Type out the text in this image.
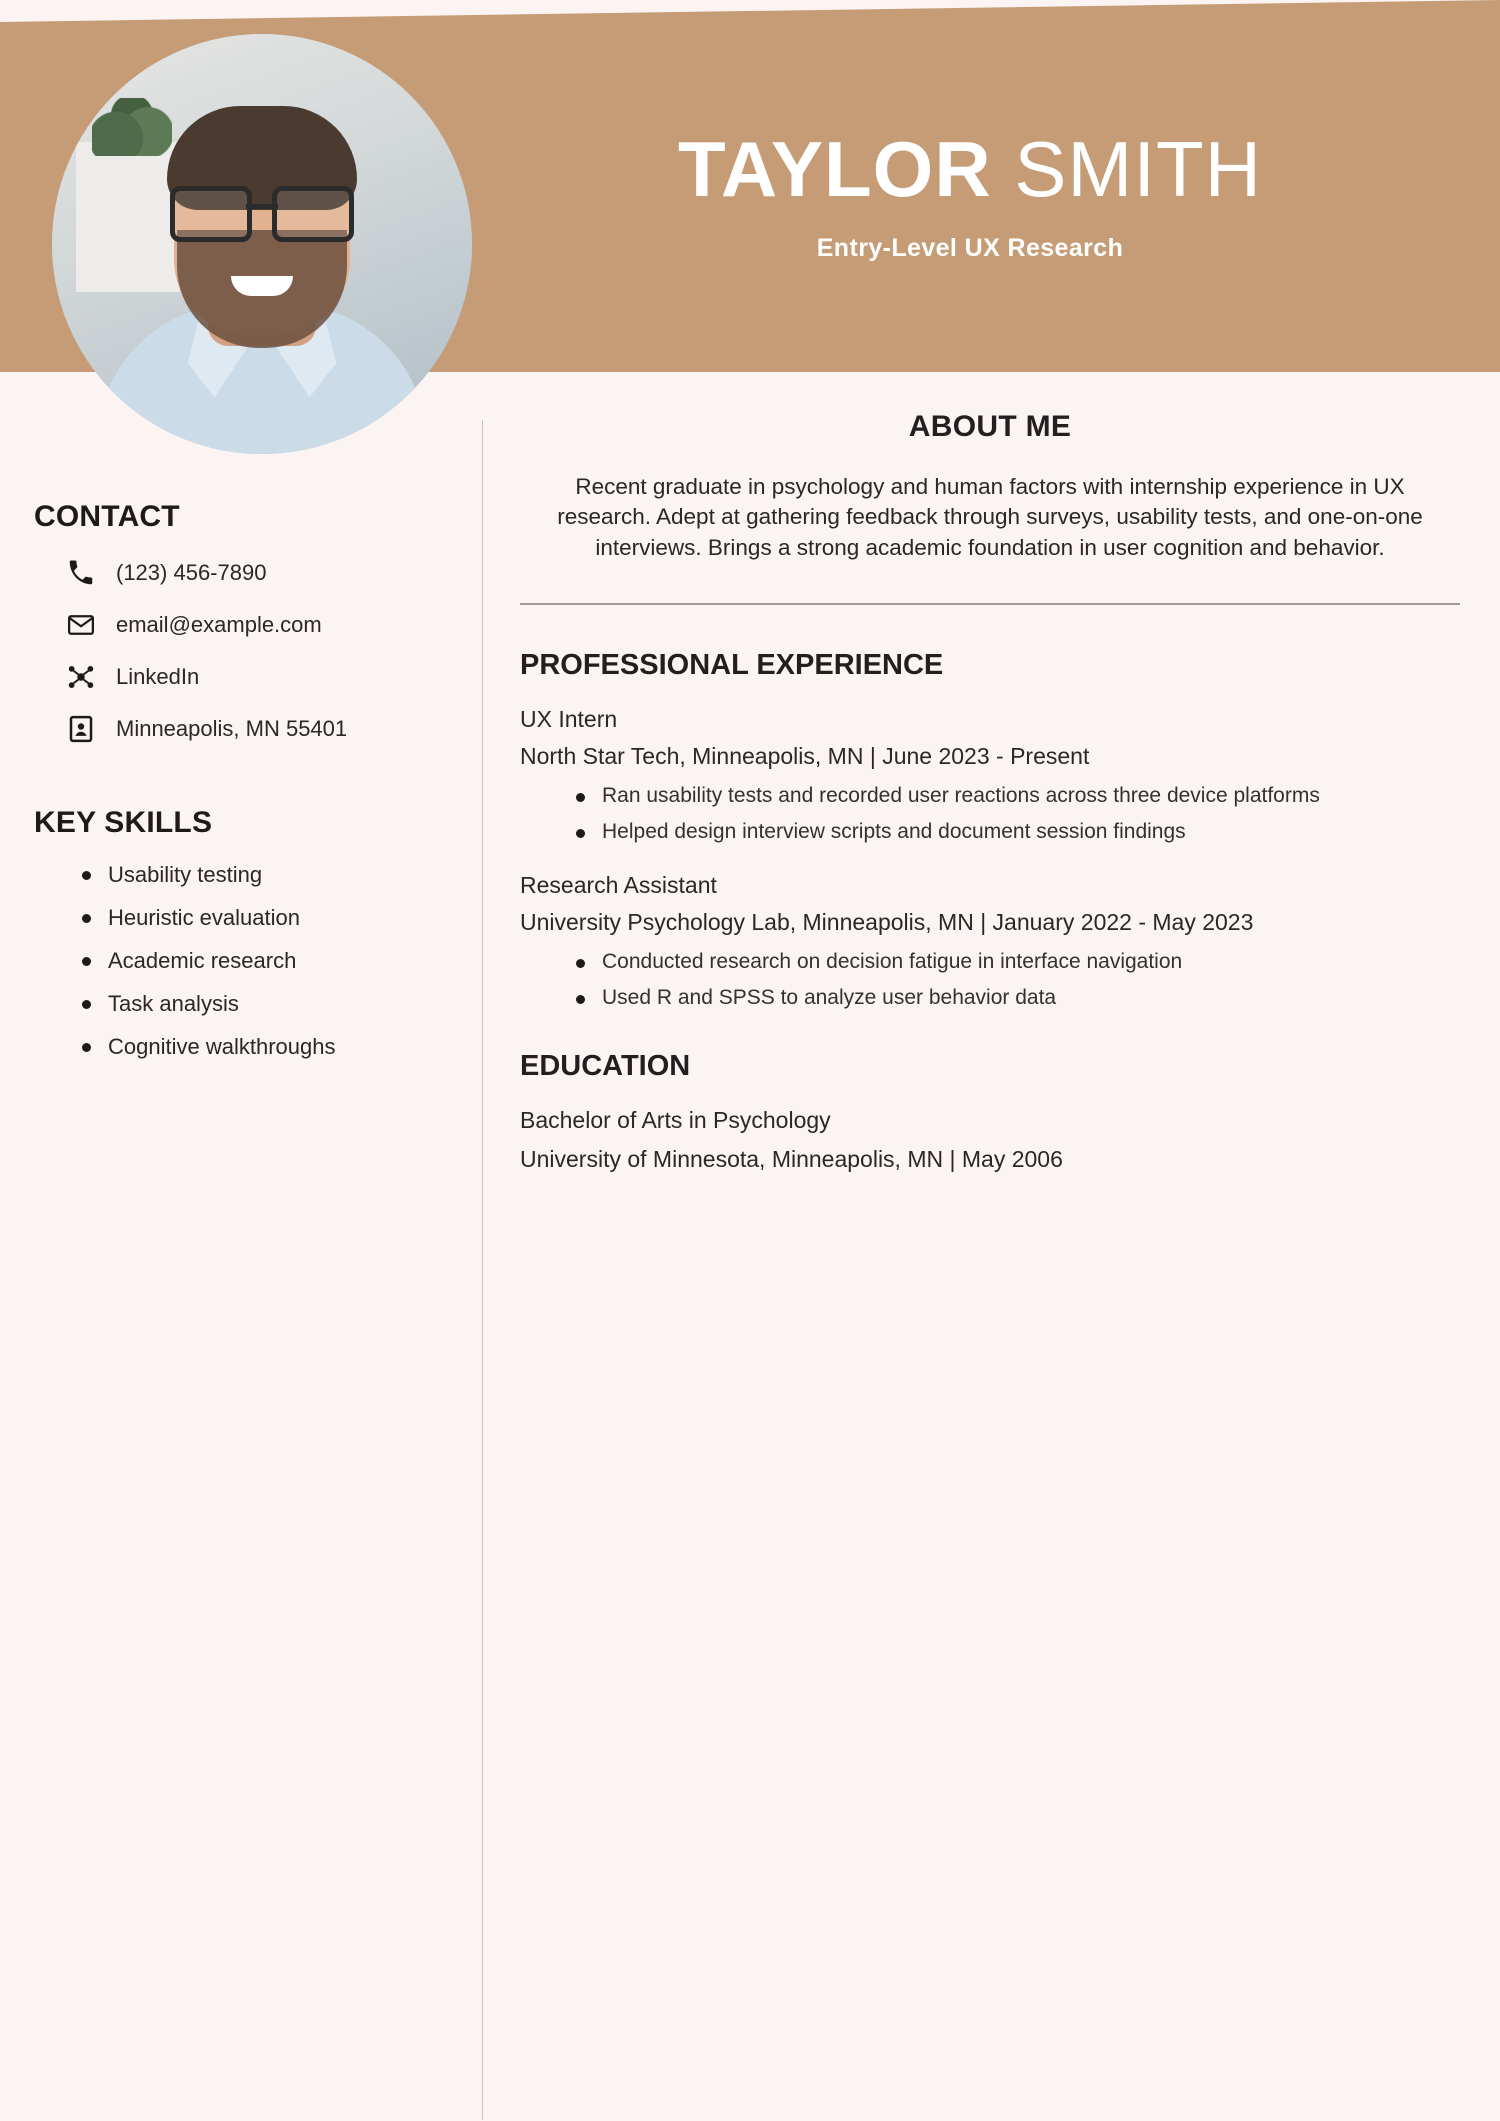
TAYLOR SMITH
Entry-Level UX Research
CONTACT
(123) 456-7890
email@example.com
LinkedIn
Minneapolis, MN 55401
KEY SKILLS
Usability testing
Heuristic evaluation
Academic research
Task analysis
Cognitive walkthroughs
ABOUT ME

Recent graduate in psychology and human factors with internship experience in UX research. Adept at gathering feedback through surveys, usability tests, and one-on-one interviews. Brings a strong academic foundation in user cognition and behavior.

PROFESSIONAL EXPERIENCE
UX Intern
North Star Tech, Minneapolis, MN | June 2023 - Present
Ran usability tests and recorded user reactions across three device platforms
Helped design interview scripts and document session findings
Research Assistant
University Psychology Lab, Minneapolis, MN | January 2022 - May 2023
Conducted research on decision fatigue in interface navigation
Used R and SPSS to analyze user behavior data
EDUCATION
Bachelor of Arts in Psychology
University of Minnesota, Minneapolis, MN | May 2006
